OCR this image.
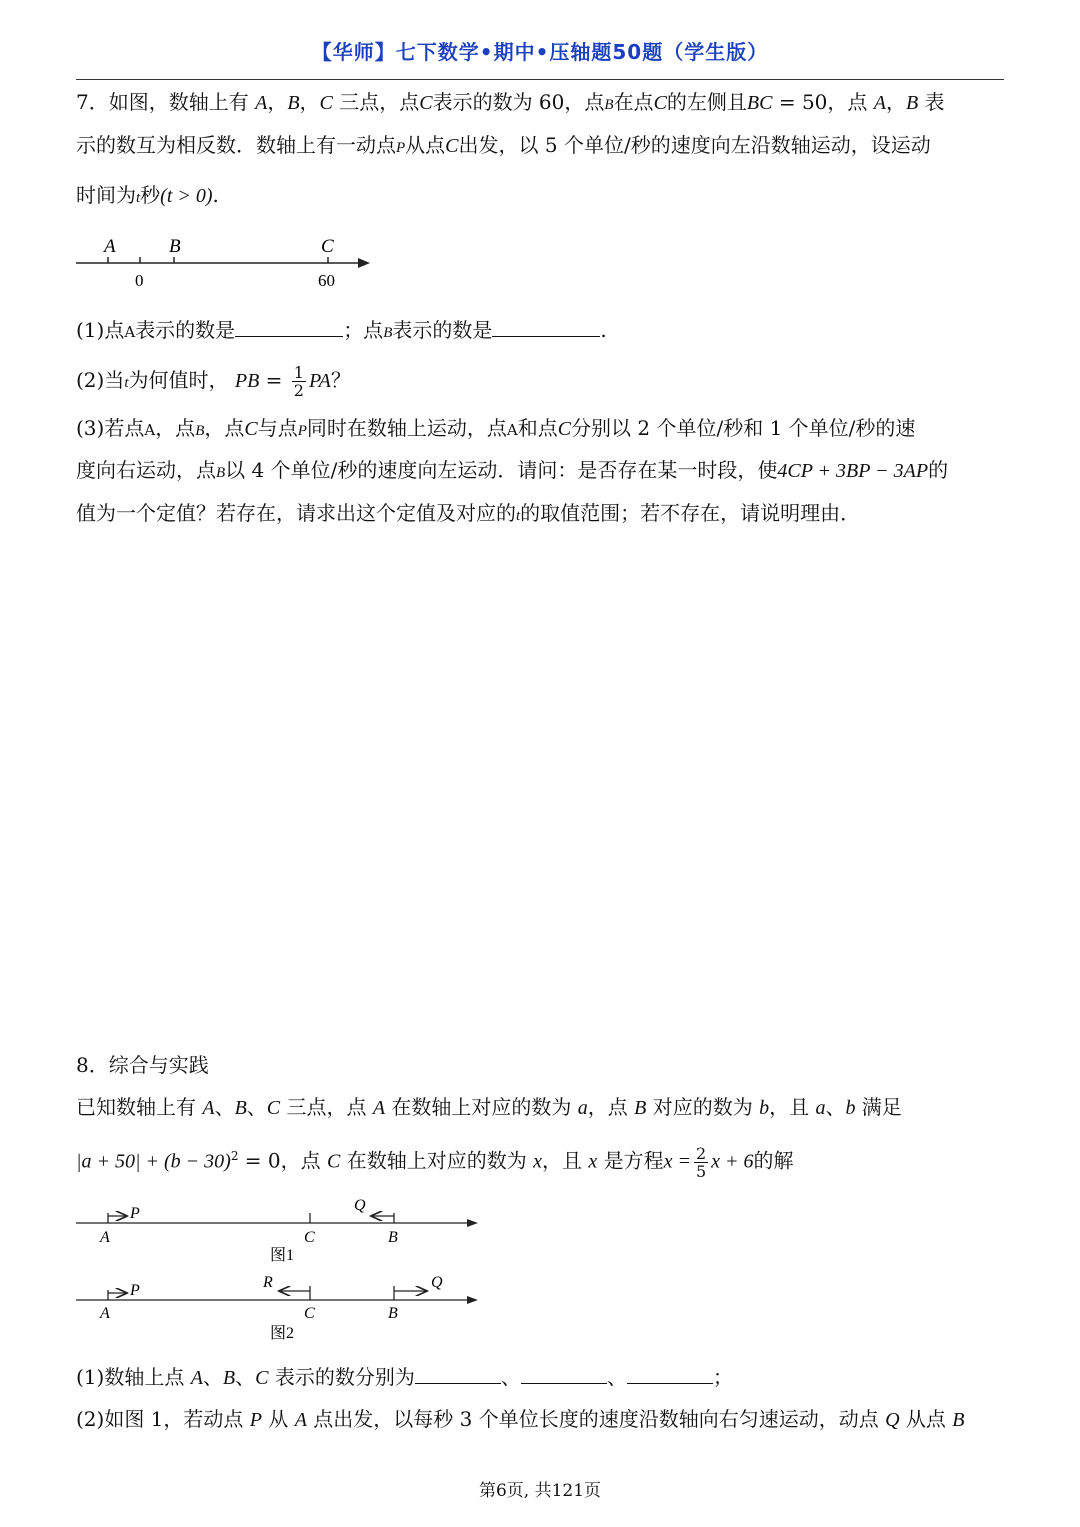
【华师】七下数学•期中•压轴题50题（学生版）
7．如图，数轴上有 A，B，C 三点，点C表示的数为 60，点B在点C的左侧且BC = 50，点 A，B 表
示的数互为相反数．数轴上有一动点P从点C出发，以 5 个单位/秒的速度向左沿数轴运动，设运动
时间为t秒(t > 0).
A	B	C
0	60
(1)点A表示的数是	；点B表示的数是	.
(2)当t为何值时， PB = $\frac{1}{2}$ PA？
(3)若点A，点B，点C与点P同时在数轴上运动，点A和点C分别以 2 个单位/秒和 1 个单位/秒的速
度向右运动，点B以 4 个单位/秒的速度向左运动．请问：是否存在某一时段，使4CP + 3BP − 3AP的
值为一个定值？若存在，请求出这个定值及对应的t的取值范围；若不存在，请说明理由．
8．综合与实践
已知数轴上有 A、B、C 三点，点 A 在数轴上对应的数为 a，点 B 对应的数为 b，且 a、b 满足
$|a + 50| + (b - 30)^2 = 0$，点 C 在数轴上对应的数为 x，且 x 是方程$x = \frac{2}{5}$ x + 6的解
P	Q
A	C	B
图1
P	R	Q
A	C	B
图2
(1)数轴上点 A、B、C 表示的数分别为	、	、	；
(2)如图 1，若动点 P 从 A 点出发，以每秒 3 个单位长度的速度沿数轴向右匀速运动，动点 Q 从点 B
第6页, 共121页
